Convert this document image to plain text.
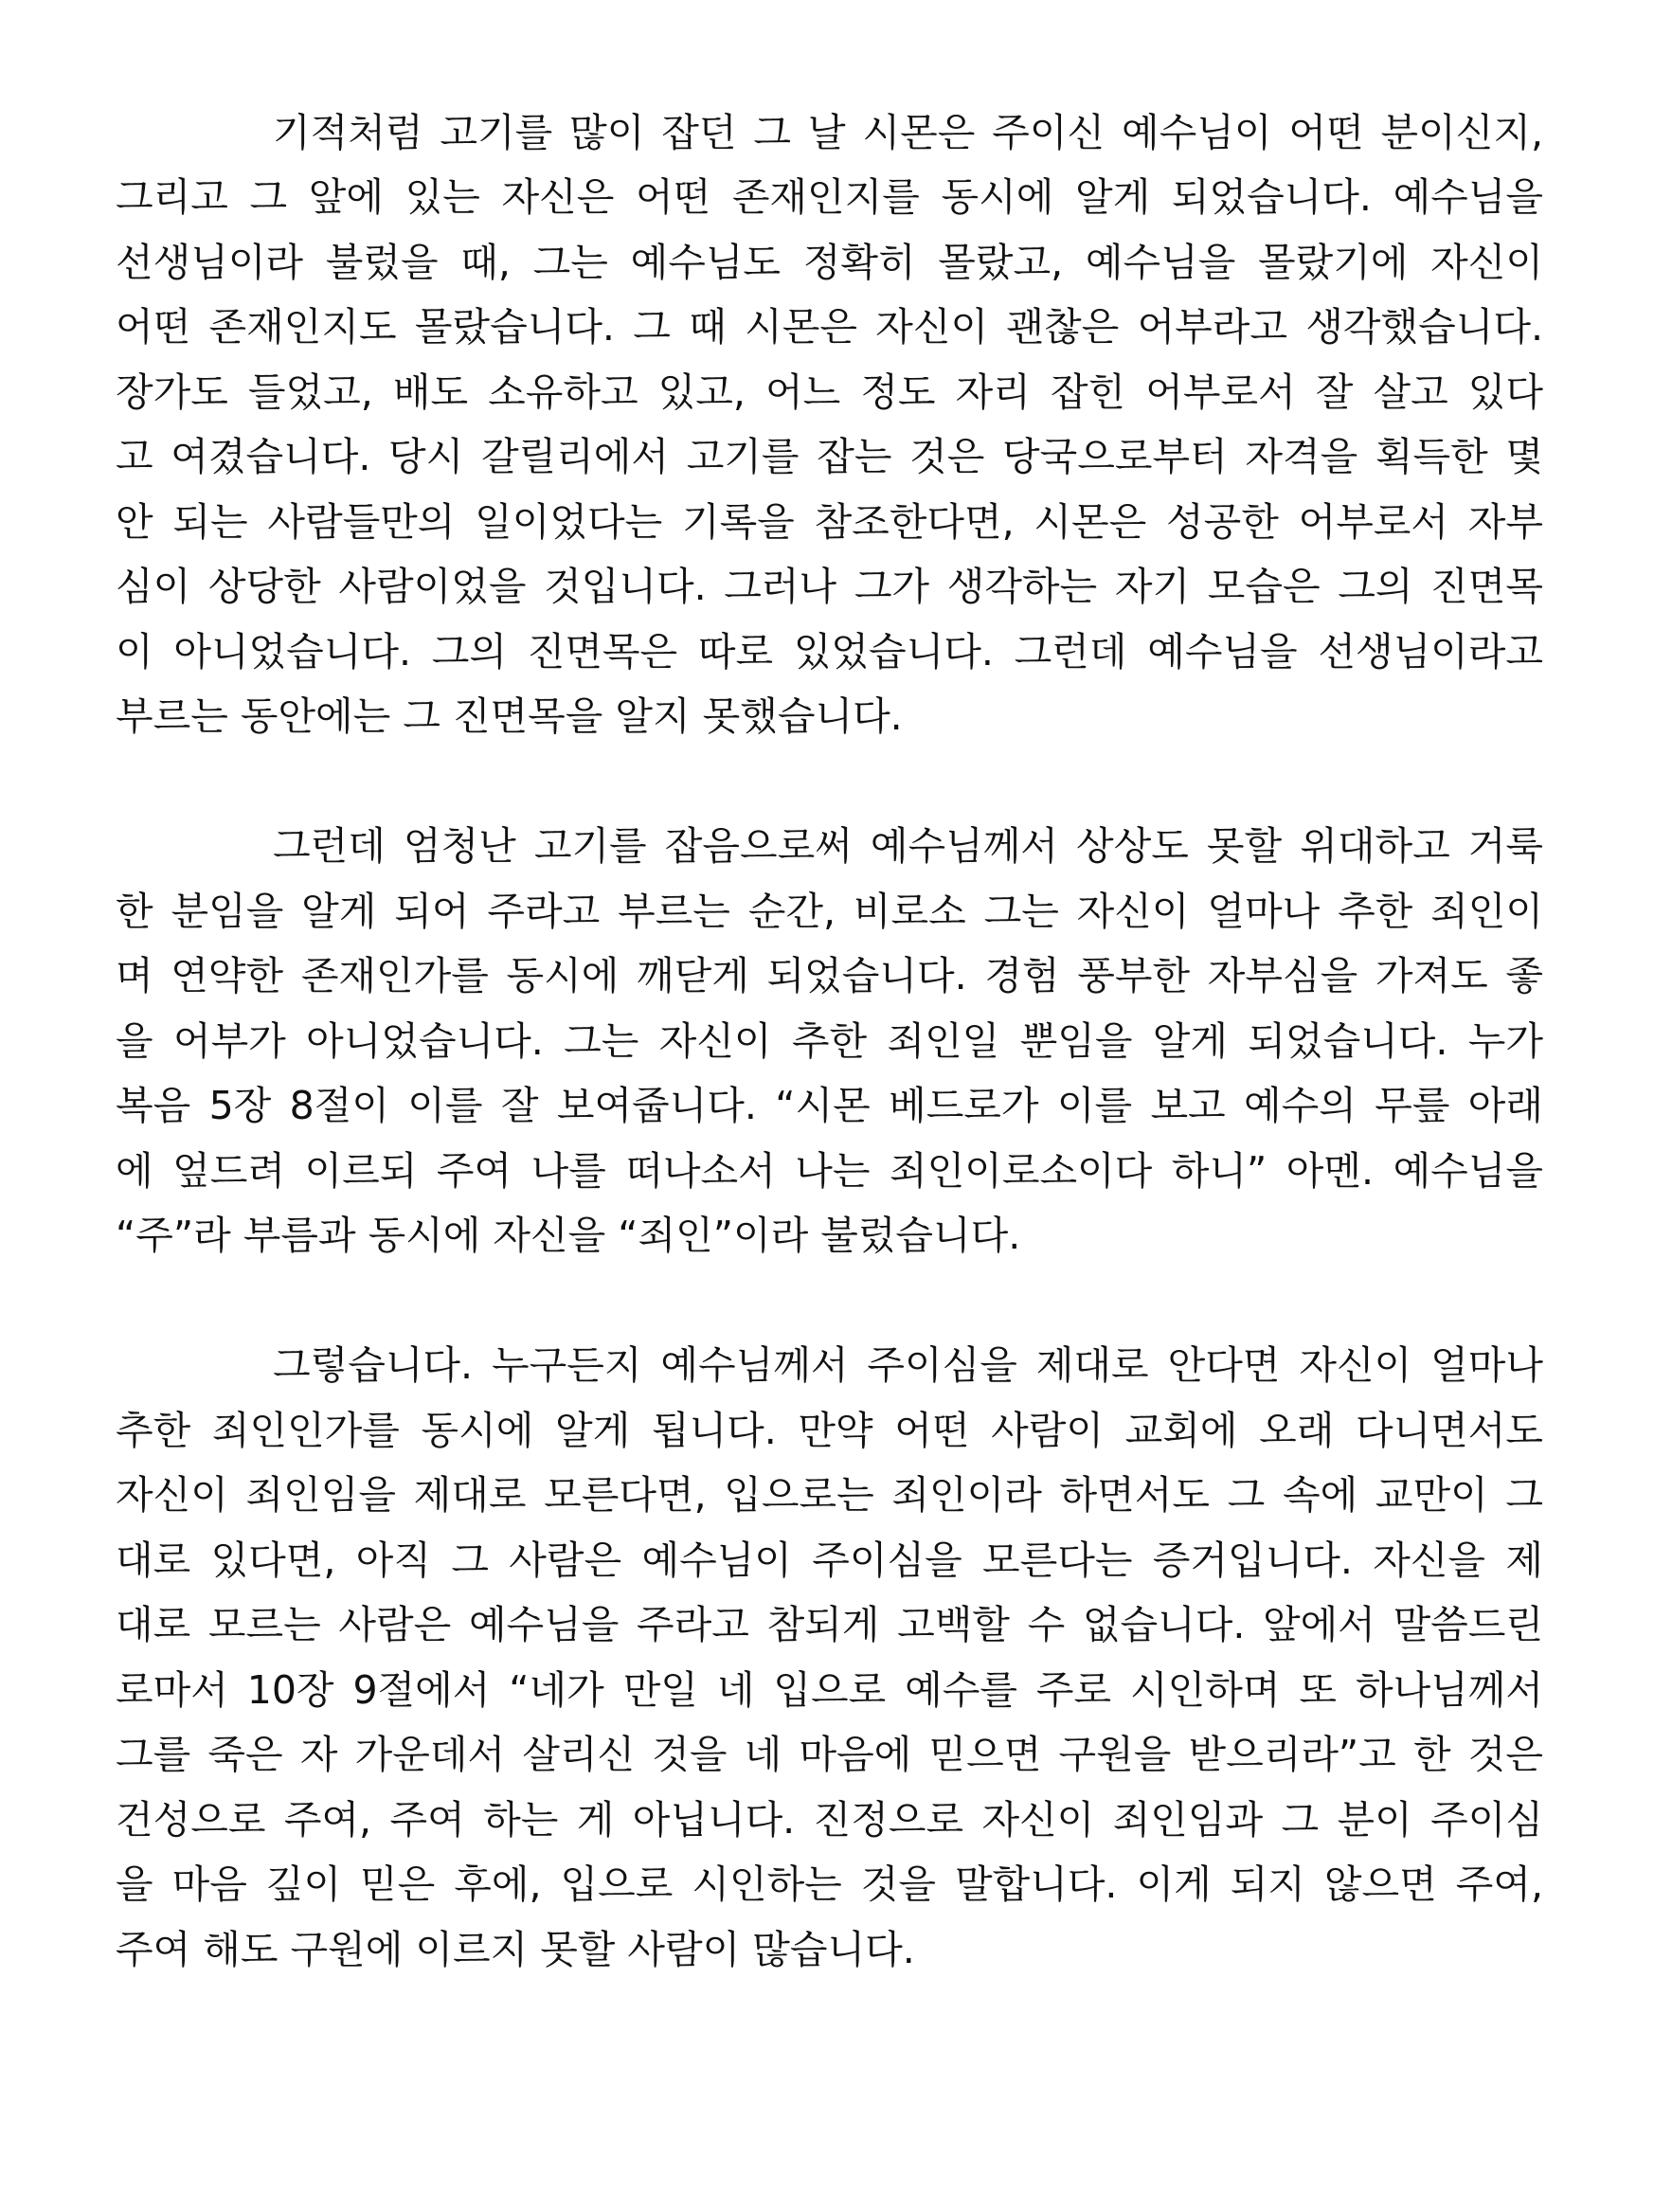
기적처럼 고기를 많이 잡던 그 날 시몬은 주이신 예수님이 어떤 분이신지,
그리고 그 앞에 있는 자신은 어떤 존재인지를 동시에 알게 되었습니다. 예수님을
선생님이라 불렀을 때, 그는 예수님도 정확히 몰랐고, 예수님을 몰랐기에 자신이
어떤 존재인지도 몰랐습니다. 그 때 시몬은 자신이 괜찮은 어부라고 생각했습니다.
장가도 들었고, 배도 소유하고 있고, 어느 정도 자리 잡힌 어부로서 잘 살고 있다
고 여겼습니다. 당시 갈릴리에서 고기를 잡는 것은 당국으로부터 자격을 획득한 몇
안 되는 사람들만의 일이었다는 기록을 참조한다면, 시몬은 성공한 어부로서 자부
심이 상당한 사람이었을 것입니다. 그러나 그가 생각하는 자기 모습은 그의 진면목
이 아니었습니다. 그의 진면목은 따로 있었습니다. 그런데 예수님을 선생님이라고
부르는 동안에는 그 진면목을 알지 못했습니다.
그런데 엄청난 고기를 잡음으로써 예수님께서 상상도 못할 위대하고 거룩
한 분임을 알게 되어 주라고 부르는 순간, 비로소 그는 자신이 얼마나 추한 죄인이
며 연약한 존재인가를 동시에 깨닫게 되었습니다. 경험 풍부한 자부심을 가져도 좋
을 어부가 아니었습니다. 그는 자신이 추한 죄인일 뿐임을 알게 되었습니다. 누가
복음 5장 8절이 이를 잘 보여줍니다. “시몬 베드로가 이를 보고 예수의 무릎 아래
에 엎드려 이르되 주여 나를 떠나소서 나는 죄인이로소이다 하니” 아멘. 예수님을
“주”라 부름과 동시에 자신을 “죄인”이라 불렀습니다.
그렇습니다. 누구든지 예수님께서 주이심을 제대로 안다면 자신이 얼마나
추한 죄인인가를 동시에 알게 됩니다. 만약 어떤 사람이 교회에 오래 다니면서도
자신이 죄인임을 제대로 모른다면, 입으로는 죄인이라 하면서도 그 속에 교만이 그
대로 있다면, 아직 그 사람은 예수님이 주이심을 모른다는 증거입니다. 자신을 제
대로 모르는 사람은 예수님을 주라고 참되게 고백할 수 없습니다. 앞에서 말씀드린
로마서 10장 9절에서 “네가 만일 네 입으로 예수를 주로 시인하며 또 하나님께서
그를 죽은 자 가운데서 살리신 것을 네 마음에 믿으면 구원을 받으리라”고 한 것은
건성으로 주여, 주여 하는 게 아닙니다. 진정으로 자신이 죄인임과 그 분이 주이심
을 마음 깊이 믿은 후에, 입으로 시인하는 것을 말합니다. 이게 되지 않으면 주여,
주여 해도 구원에 이르지 못할 사람이 많습니다.
